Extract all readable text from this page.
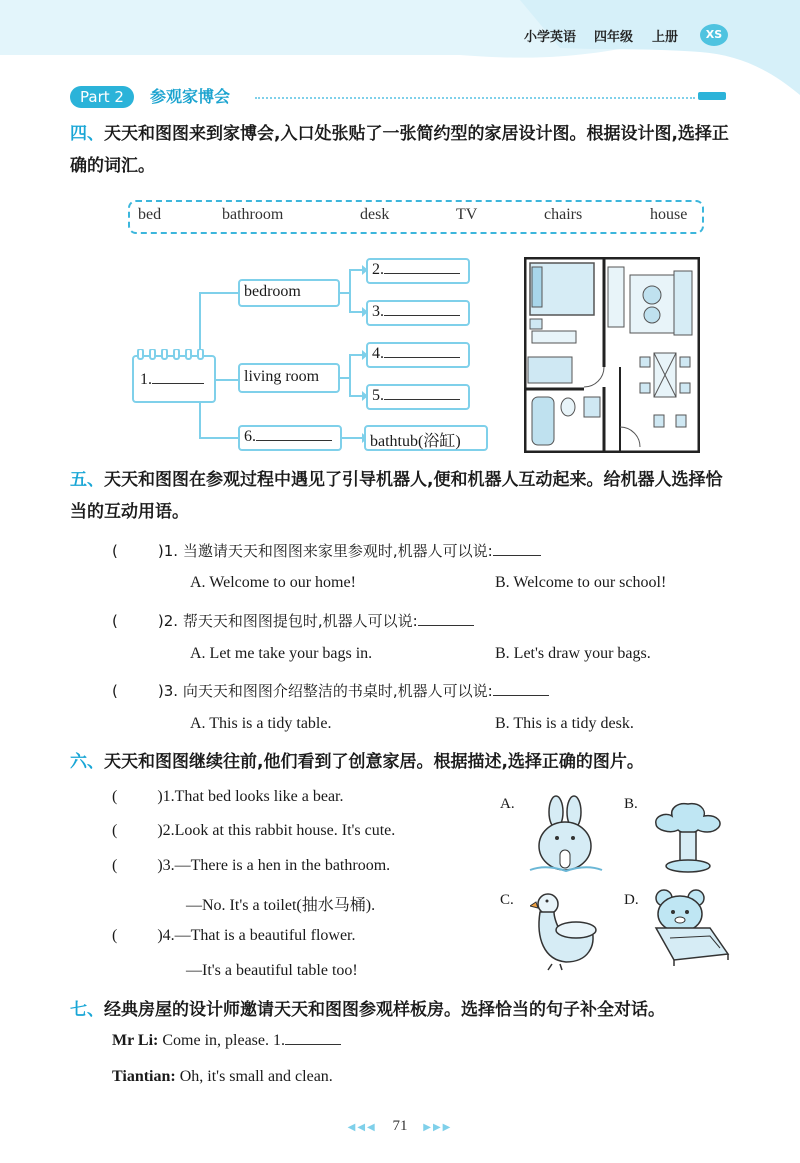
小学英语 四年级 上册	XS
Part 2	参观家博会
四、天天和图图来到家博会,入口处张贴了一张简约型的家居设计图。根据设计图,选择正确的词汇。
bed	bathroom	desk	TV	chairs	house
1.
bedroom
living room
2.
3.
4.
5.
6.	bathtub(浴缸)
五、天天和图图在参观过程中遇见了引导机器人,便和机器人互动起来。给机器人选择恰当的互动用语。
(	)1. 当邀请天天和图图来家里参观时,机器人可以说:
A. Welcome to our home!	B. Welcome to our school!
(	)2. 帮天天和图图提包时,机器人可以说:
A. Let me take your bags in.	B. Let's draw your bags.
(	)3. 向天天和图图介绍整洁的书桌时,机器人可以说:
A. This is a tidy table.	B. This is a tidy desk.
六、天天和图图继续往前,他们看到了创意家居。根据描述,选择正确的图片。
(	)1.That bed looks like a bear.
(	)2.Look at this rabbit house. It's cute.
(	)3.—There is a hen in the bathroom.
—No. It's a toilet(抽水马桶).
(	)4.—That is a beautiful flower.
—It's a beautiful table too!
A.	B.
C.	D.
七、经典房屋的设计师邀请天天和图图参观样板房。选择恰当的句子补全对话。
Mr Li: Come in, please. 1.
Tiantian: Oh, it's small and clean.
◀◀◀ 71 ▶▶▶
